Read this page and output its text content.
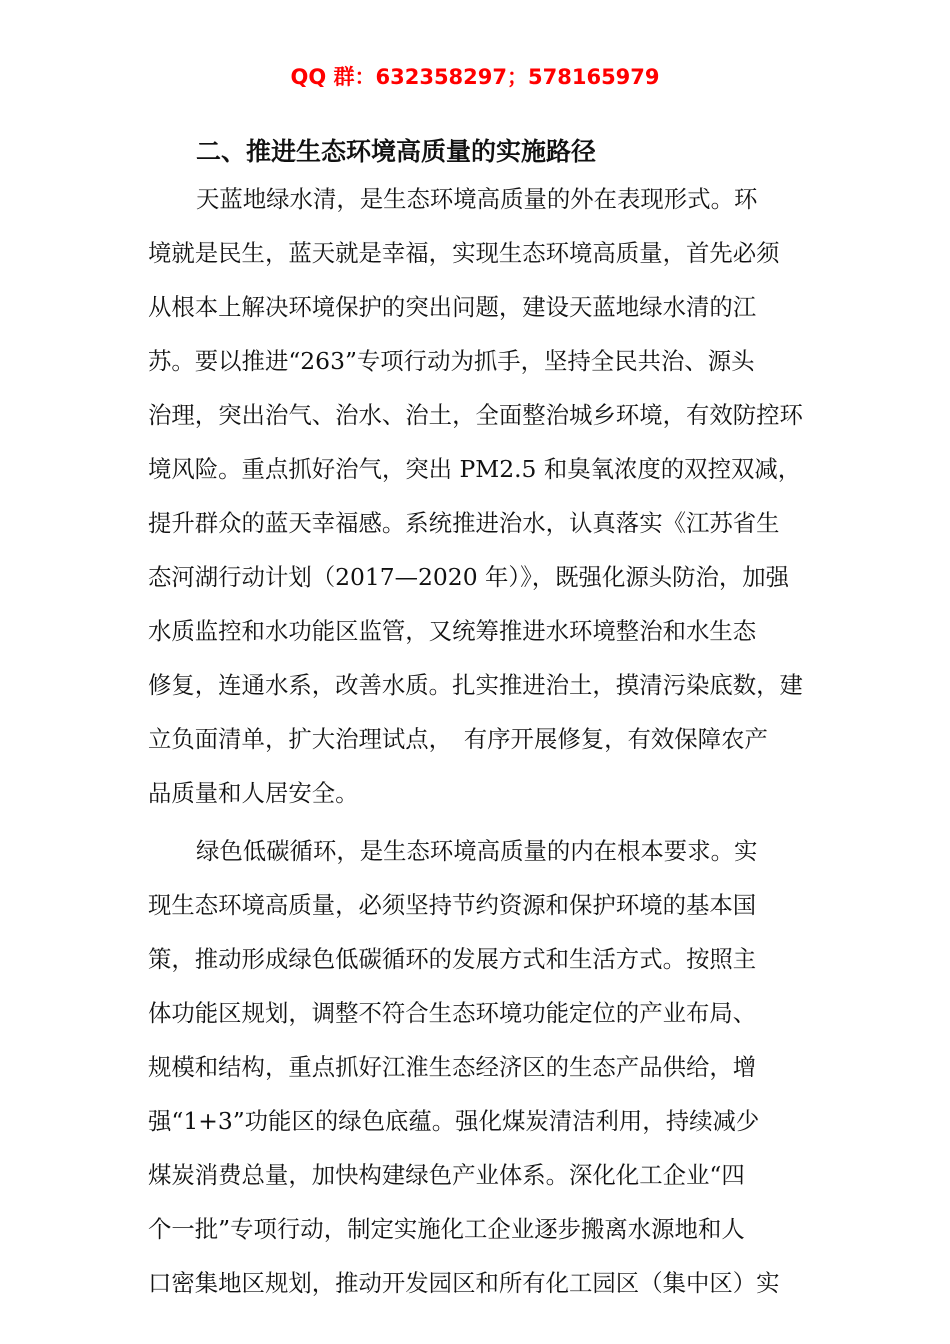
QQ 群：632358297；578165979
二、推进生态环境高质量的实施路径
天蓝地绿水清，是生态环境高质量的外在表现形式。环
境就是民生，蓝天就是幸福，实现生态环境高质量，首先必须
从根本上解决环境保护的突出问题，建设天蓝地绿水清的江
苏。要以推进“263”专项行动为抓手，坚持全民共治、源头
治理，突出治气、治水、治土，全面整治城乡环境，有效防控环
境风险。重点抓好治气，突出 PM2.5 和臭氧浓度的双控双减，
提升群众的蓝天幸福感。系统推进治水，认真落实《江苏省生
态河湖行动计划（2017—2020 年）》，既强化源头防治，加强
水质监控和水功能区监管，又统筹推进水环境整治和水生态
修复，连通水系，改善水质。扎实推进治土，摸清污染底数，建
立负面清单，扩大治理试点，　有序开展修复，有效保障农产
品质量和人居安全。
绿色低碳循环，是生态环境高质量的内在根本要求。实
现生态环境高质量，必须坚持节约资源和保护环境的基本国
策，推动形成绿色低碳循环的发展方式和生活方式。按照主
体功能区规划，调整不符合生态环境功能定位的产业布局、
规模和结构，重点抓好江淮生态经济区的生态产品供给，增
强“1+3”功能区的绿色底蕴。强化煤炭清洁利用，持续减少
煤炭消费总量，加快构建绿色产业体系。深化化工企业“四
个一批”专项行动，制定实施化工企业逐步搬离水源地和人
口密集地区规划，推动开发园区和所有化工园区（集中区）实
